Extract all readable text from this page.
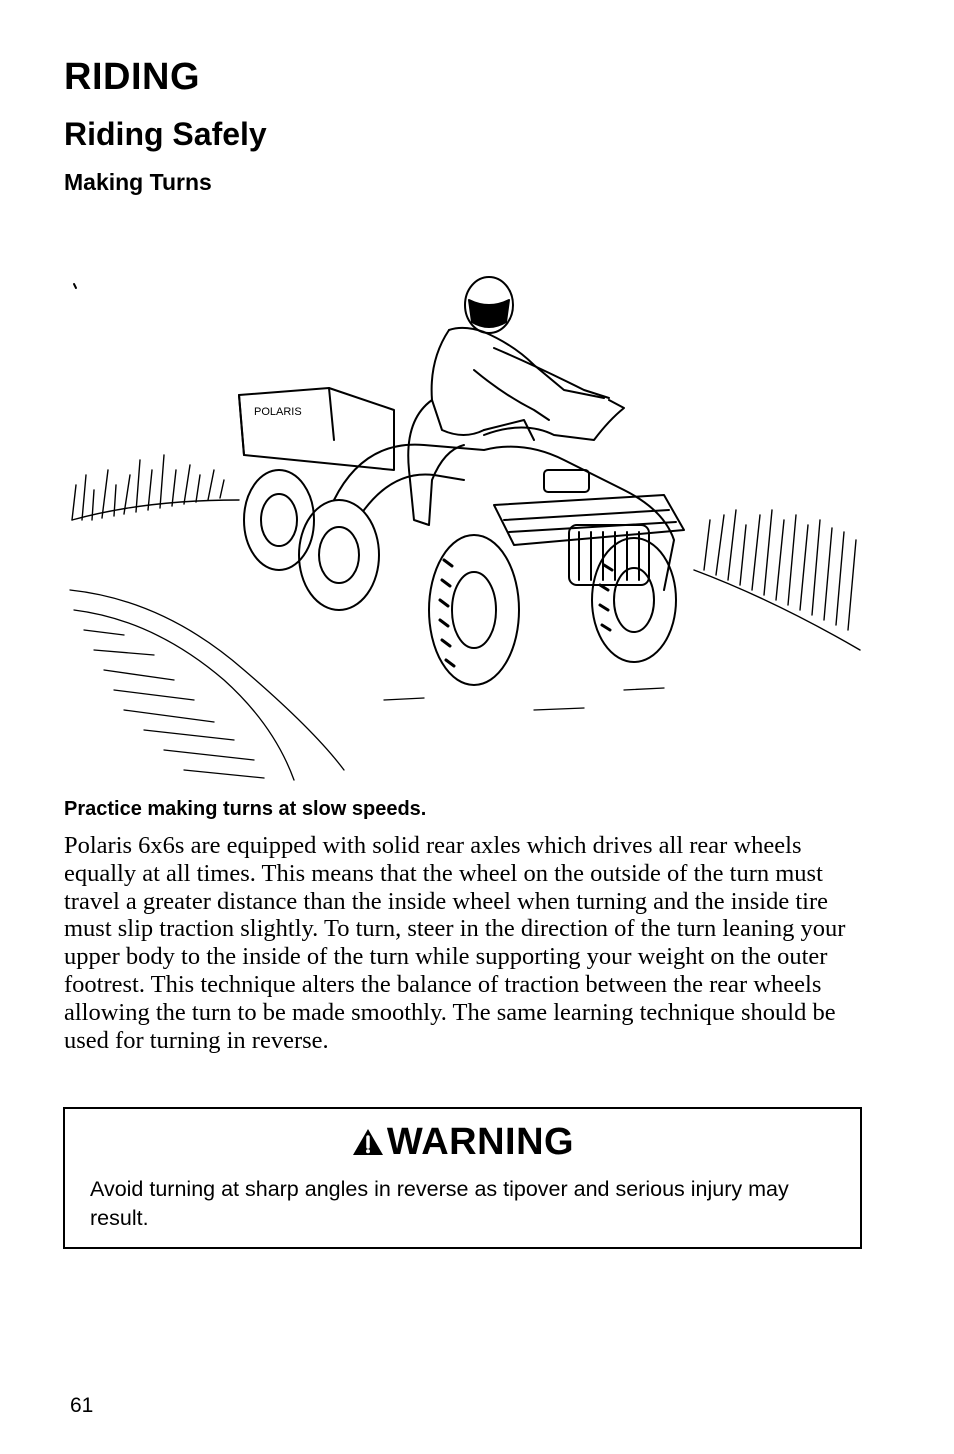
RIDING
Riding Safely
Making Turns
POLARIS

Practice making turns at slow speeds.

Polaris 6x6s are equipped with solid rear axles which drives all rear wheels equally at all times. This means that the wheel on the outside of the turn must travel a greater distance than the inside wheel when turning and the inside tire must slip traction slightly. To turn, steer in the direction of the turn leaning your upper body to the inside of the turn while supporting your weight on the outer footrest. This technique alters the balance of traction between the rear wheels allowing the turn to be made smoothly. The same learning technique should be used for turning in reverse.

WARNING

Avoid turning at sharp angles in reverse as tipover and serious injury may result.

61
